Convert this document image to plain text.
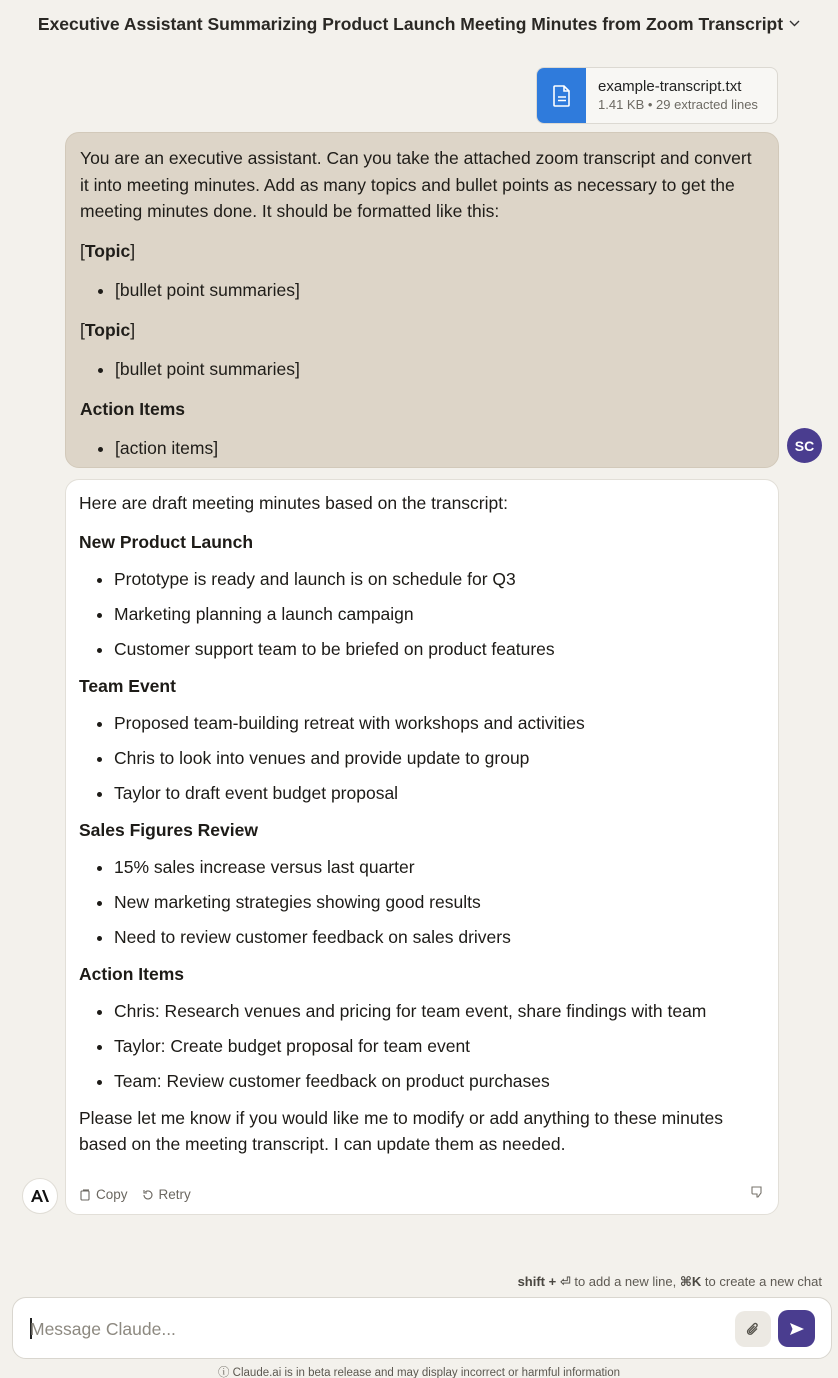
Executive Assistant Summarizing Product Launch Meeting Minutes from Zoom Transcript
example-transcript.txt
1.41 KB • 29 extracted lines

You are an executive assistant. Can you take the attached zoom transcript and convert it into meeting minutes. Add as many topics and bullet points as necessary to get the meeting minutes done. It should be formatted like this:

[Topic]

• [bullet point summaries]

[Topic]

• [bullet point summaries]

Action Items

• [action items]	SC

Here are draft meeting minutes based on the transcript:

New Product Launch
• Prototype is ready and launch is on schedule for Q3
• Marketing planning a launch campaign
• Customer support team to be briefed on product features
Team Event
• Proposed team-building retreat with workshops and activities
• Chris to look into venues and provide update to group
• Taylor to draft event budget proposal
Sales Figures Review
• 15% sales increase versus last quarter
• New marketing strategies showing good results
• Need to review customer feedback on sales drivers
Action Items
• Chris: Research venues and pricing for team event, share findings with team
• Taylor: Create budget proposal for team event
• Team: Review customer feedback on product purchases

Please let me know if you would like me to modify or add anything to these minutes based on the meeting transcript. I can update them as needed.

Copy Retry
shift + ⏎ to add a new line, ⌘K to create a new chat
Message Claude...
ⓘ Claude.ai is in beta release and may display incorrect or harmful information
